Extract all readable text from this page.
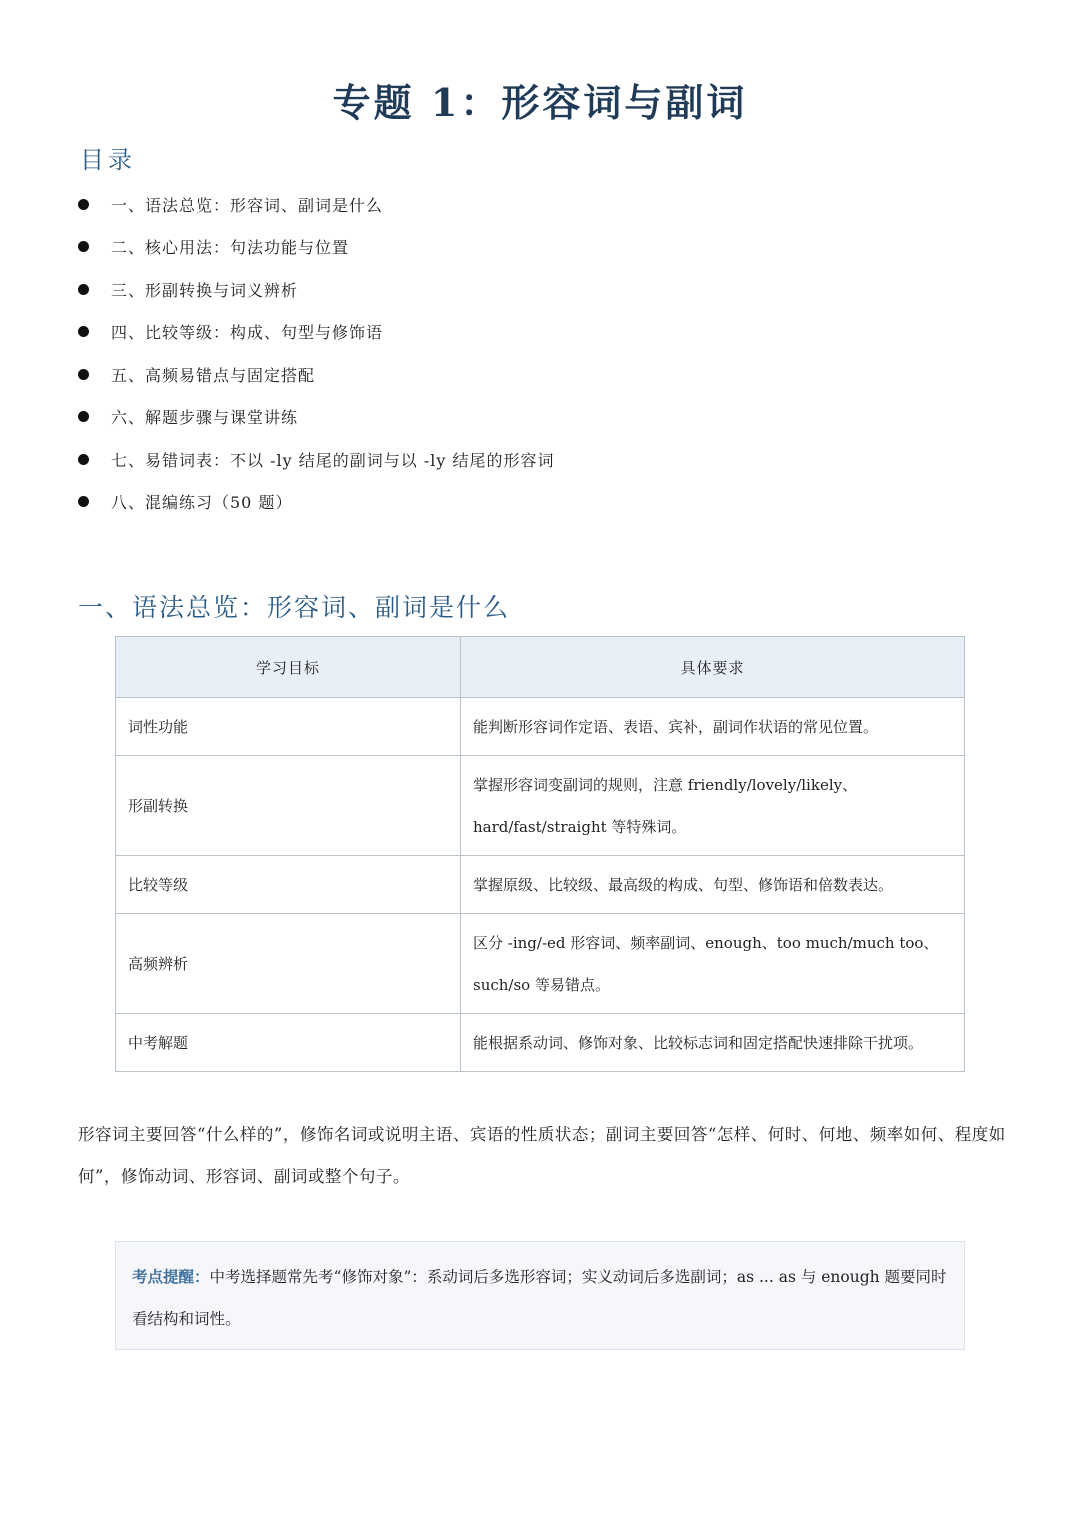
专题 1：形容词与副词
目录
一、语法总览：形容词、副词是什么
二、核心用法：句法功能与位置
三、形副转换与词义辨析
四、比较等级：构成、句型与修饰语
五、高频易错点与固定搭配
六、解题步骤与课堂讲练
七、易错词表：不以 -ly 结尾的副词与以 -ly 结尾的形容词
八、混编练习（50 题）
一、语法总览：形容词、副词是什么
学习目标	具体要求
词性功能	能判断形容词作定语、表语、宾补，副词作状语的常见位置。
形副转换	掌握形容词变副词的规则，注意 friendly/lovely/likely、hard/fast/straight 等特殊词。
比较等级	掌握原级、比较级、最高级的构成、句型、修饰语和倍数表达。
高频辨析	区分 -ing/-ed 形容词、频率副词、enough、too much/much too、such/so 等易错点。
中考解题	能根据系动词、修饰对象、比较标志词和固定搭配快速排除干扰项。
形容词主要回答“什么样的”，修饰名词或说明主语、宾语的性质状态；副词主要回答“怎样、何时、何地、频率如何、程度如何”，修饰动词、形容词、副词或整个句子。
考点提醒：中考选择题常先考“修饰对象”：系动词后多选形容词；实义动词后多选副词；as ... as 与 enough 题要同时看结构和词性。
